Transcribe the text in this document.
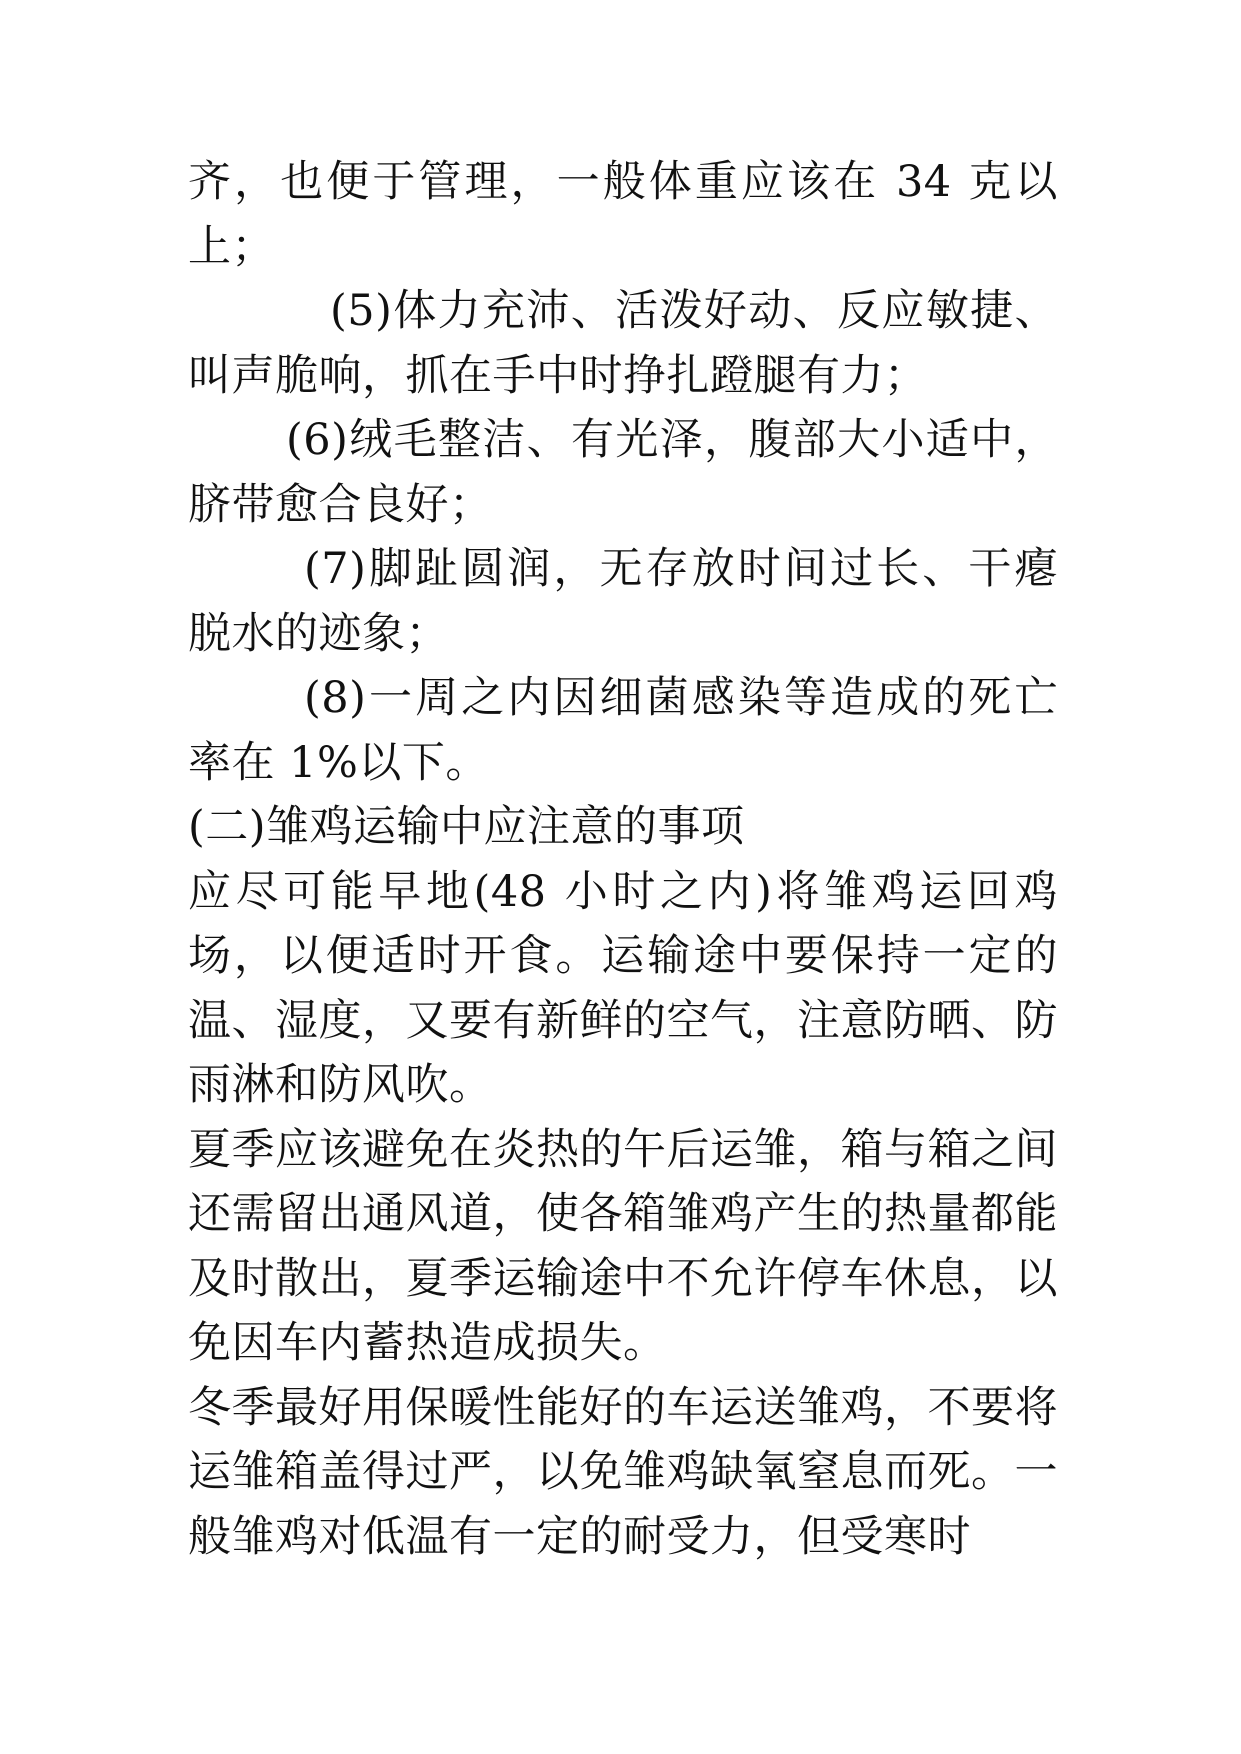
齐，也便于管理，一般体重应该在 34 克以上；

(5)体力充沛、活泼好动、反应敏捷、叫声脆响，抓在手中时挣扎蹬腿有力；

(6)绒毛整洁、有光泽，腹部大小适中，脐带愈合良好；

(7)脚趾圆润，无存放时间过长、干瘪脱水的迹象；

(8)一周之内因细菌感染等造成的死亡率在 1%以下。

(二)雏鸡运输中应注意的事项

应尽可能早地(48 小时之内)将雏鸡运回鸡场，以便适时开食。运输途中要保持一定的温、湿度，又要有新鲜的空气，注意防晒、防雨淋和防风吹。

夏季应该避免在炎热的午后运雏，箱与箱之间还需留出通风道，使各箱雏鸡产生的热量都能及时散出，夏季运输途中不允许停车休息，以免因车内蓄热造成损失。

冬季最好用保暖性能好的车运送雏鸡，不要将运雏箱盖得过严，以免雏鸡缺氧窒息而死。一般雏鸡对低温有一定的耐受力，但受寒时
